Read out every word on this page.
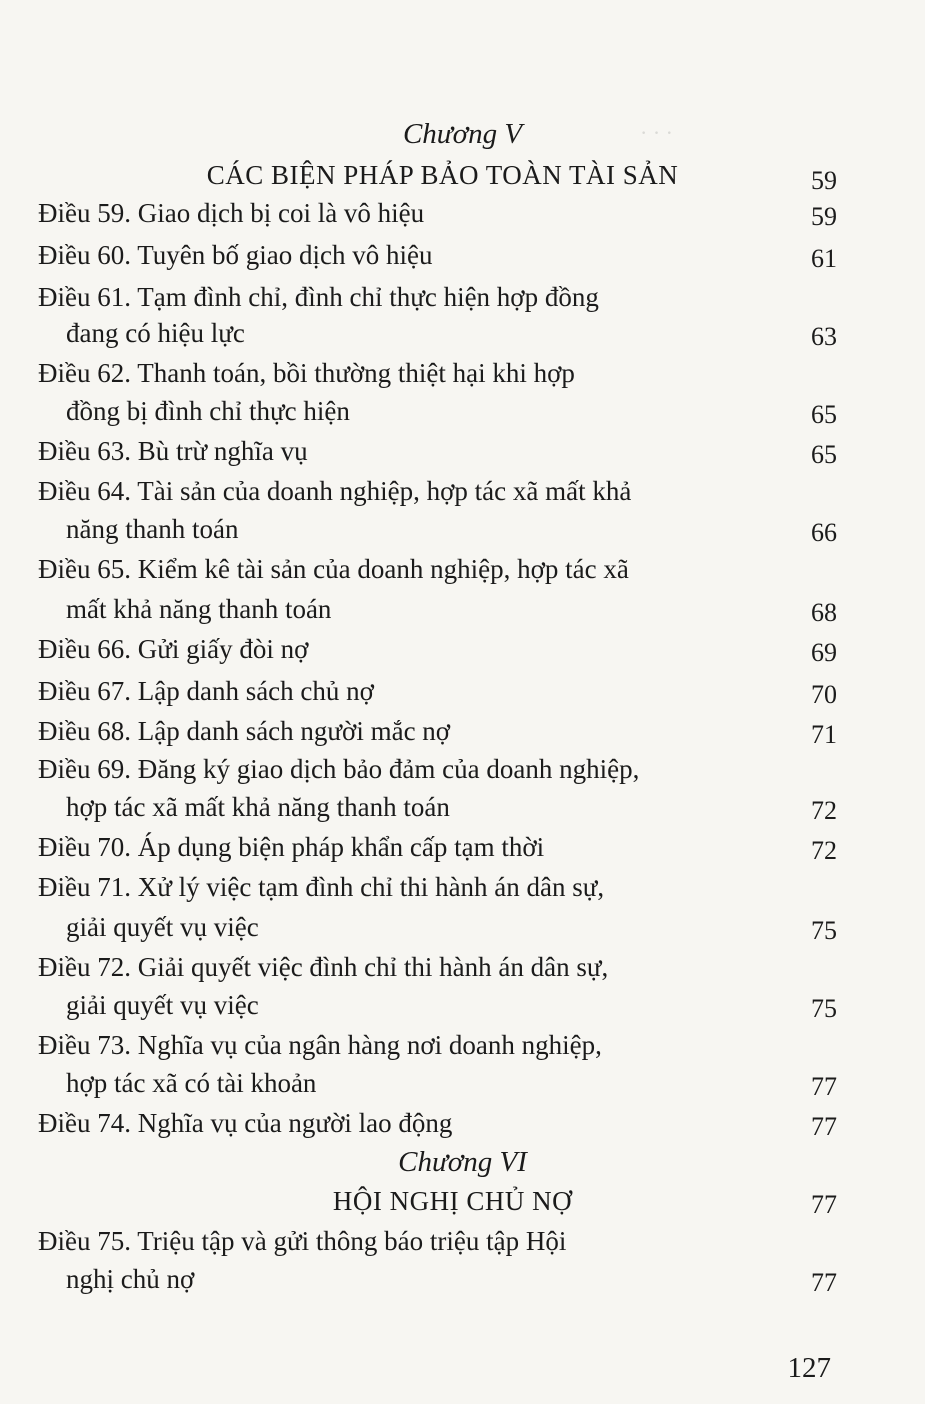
· · ·
Chương V
CÁC BIỆN PHÁP BẢO TOÀN TÀI SẢN	59
Điều 59. Giao dịch bị coi là vô hiệu	59
Điều 60. Tuyên bố giao dịch vô hiệu	61
Điều 61. Tạm đình chỉ, đình chỉ thực hiện hợp đồng
đang có hiệu lực	63
Điều 62. Thanh toán, bồi thường thiệt hại khi hợp
đồng bị đình chỉ thực hiện	65
Điều 63. Bù trừ nghĩa vụ	65
Điều 64. Tài sản của doanh nghiệp, hợp tác xã mất khả
năng thanh toán	66
Điều 65. Kiểm kê tài sản của doanh nghiệp, hợp tác xã
mất khả năng thanh toán	68
Điều 66. Gửi giấy đòi nợ	69
Điều 67. Lập danh sách chủ nợ	70
Điều 68. Lập danh sách người mắc nợ	71
Điều 69. Đăng ký giao dịch bảo đảm của doanh nghiệp,
hợp tác xã mất khả năng thanh toán	72
Điều 70. Áp dụng biện pháp khẩn cấp tạm thời	72
Điều 71. Xử lý việc tạm đình chỉ thi hành án dân sự,
giải quyết vụ việc	75
Điều 72. Giải quyết việc đình chỉ thi hành án dân sự,
giải quyết vụ việc	75
Điều 73. Nghĩa vụ của ngân hàng nơi doanh nghiệp,
hợp tác xã có tài khoản	77
Điều 74. Nghĩa vụ của người lao động	77
Chương VI
HỘI NGHỊ CHỦ NỢ	77
Điều 75. Triệu tập và gửi thông báo triệu tập Hội
nghị chủ nợ	77
127
